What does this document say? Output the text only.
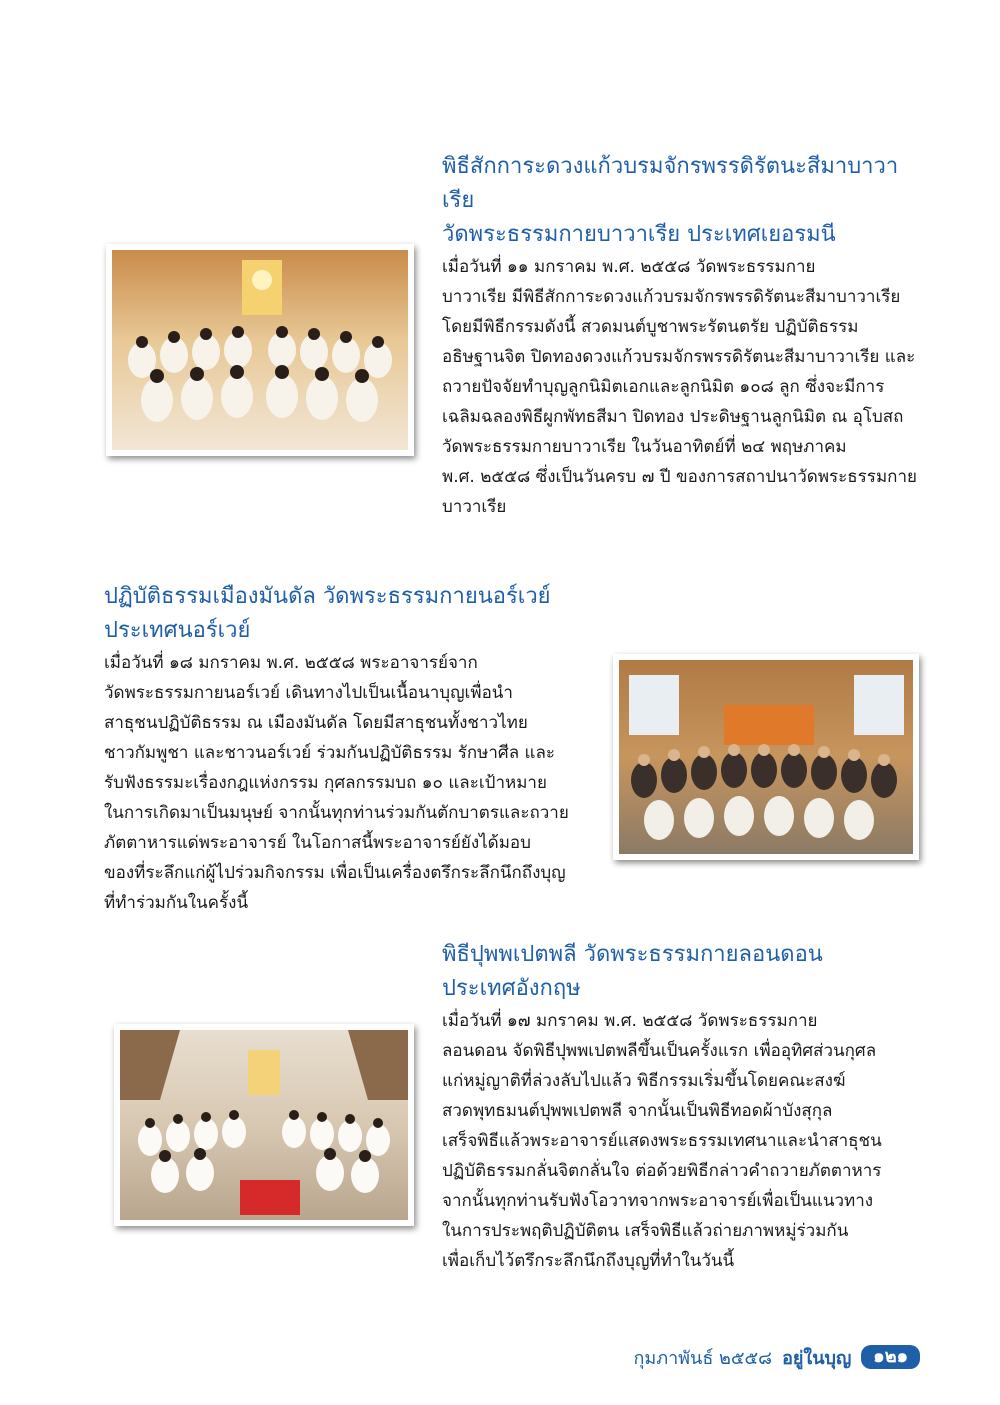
พิธีสักการะดวงแก้วบรมจักรพรรดิรัตนะสีมาบาวาเรีย
วัดพระธรรมกายบาวาเรีย ประเทศเยอรมนี

เมื่อวันที่ ๑๑ มกราคม พ.ศ. ๒๕๕๘ วัดพระธรรมกาย
บาวาเรีย มีพิธีสักการะดวงแก้วบรมจักรพรรดิรัตนะสีมาบาวาเรีย
โดยมีพิธีกรรมดังนี้ สวดมนต์บูชาพระรัตนตรัย ปฏิบัติธรรม
อธิษฐานจิต ปิดทองดวงแก้วบรมจักรพรรดิรัตนะสีมาบาวาเรีย และ
ถวายปัจจัยทำบุญลูกนิมิตเอกและลูกนิมิต ๑๐๘ ลูก ซึ่งจะมีการ
เฉลิมฉลองพิธีผูกพัทธสีมา ปิดทอง ประดิษฐานลูกนิมิต ณ อุโบสถ
วัดพระธรรมกายบาวาเรีย ในวันอาทิตย์ที่ ๒๔ พฤษภาคม
พ.ศ. ๒๕๕๘ ซึ่งเป็นวันครบ ๗ ปี ของการสถาปนาวัดพระธรรมกาย
บาวาเรีย

ปฏิบัติธรรมเมืองมันดัล วัดพระธรรมกายนอร์เวย์
ประเทศนอร์เวย์

เมื่อวันที่ ๑๘ มกราคม พ.ศ. ๒๕๕๘ พระอาจารย์จาก
วัดพระธรรมกายนอร์เวย์ เดินทางไปเป็นเนื้อนาบุญเพื่อนำ
สาธุชนปฏิบัติธรรม ณ เมืองมันดัล โดยมีสาธุชนทั้งชาวไทย
ชาวกัมพูชา และชาวนอร์เวย์ ร่วมกันปฏิบัติธรรม รักษาศีล และ
รับฟังธรรมะเรื่องกฎแห่งกรรม กุศลกรรมบถ ๑๐ และเป้าหมาย
ในการเกิดมาเป็นมนุษย์ จากนั้นทุกท่านร่วมกันตักบาตรและถวาย
ภัตตาหารแด่พระอาจารย์ ในโอกาสนี้พระอาจารย์ยังได้มอบ
ของที่ระลึกแก่ผู้ไปร่วมกิจกรรม เพื่อเป็นเครื่องตรึกระลึกนึกถึงบุญ
ที่ทำร่วมกันในครั้งนี้

พิธีปุพพเปตพลี วัดพระธรรมกายลอนดอน
ประเทศอังกฤษ

เมื่อวันที่ ๑๗ มกราคม พ.ศ. ๒๕๕๘ วัดพระธรรมกาย
ลอนดอน จัดพิธีปุพพเปตพลีขึ้นเป็นครั้งแรก เพื่ออุทิศส่วนกุศล
แก่หมู่ญาติที่ล่วงลับไปแล้ว พิธีกรรมเริ่มขึ้นโดยคณะสงฆ์
สวดพุทธมนต์ปุพพเปตพลี จากนั้นเป็นพิธีทอดผ้าบังสุกุล
เสร็จพิธีแล้วพระอาจารย์แสดงพระธรรมเทศนาและนำสาธุชน
ปฏิบัติธรรมกลั่นจิตกลั่นใจ ต่อด้วยพิธีกล่าวคำถวายภัตตาหาร
จากนั้นทุกท่านรับฟังโอวาทจากพระอาจารย์เพื่อเป็นแนวทาง
ในการประพฤติปฏิบัติตน เสร็จพิธีแล้วถ่ายภาพหมู่ร่วมกัน
เพื่อเก็บไว้ตรึกระลึกนึกถึงบุญที่ทำในวันนี้

กุมภาพันธ์ ๒๕๕๘ อยู่ในบุญ	๑๒๑
